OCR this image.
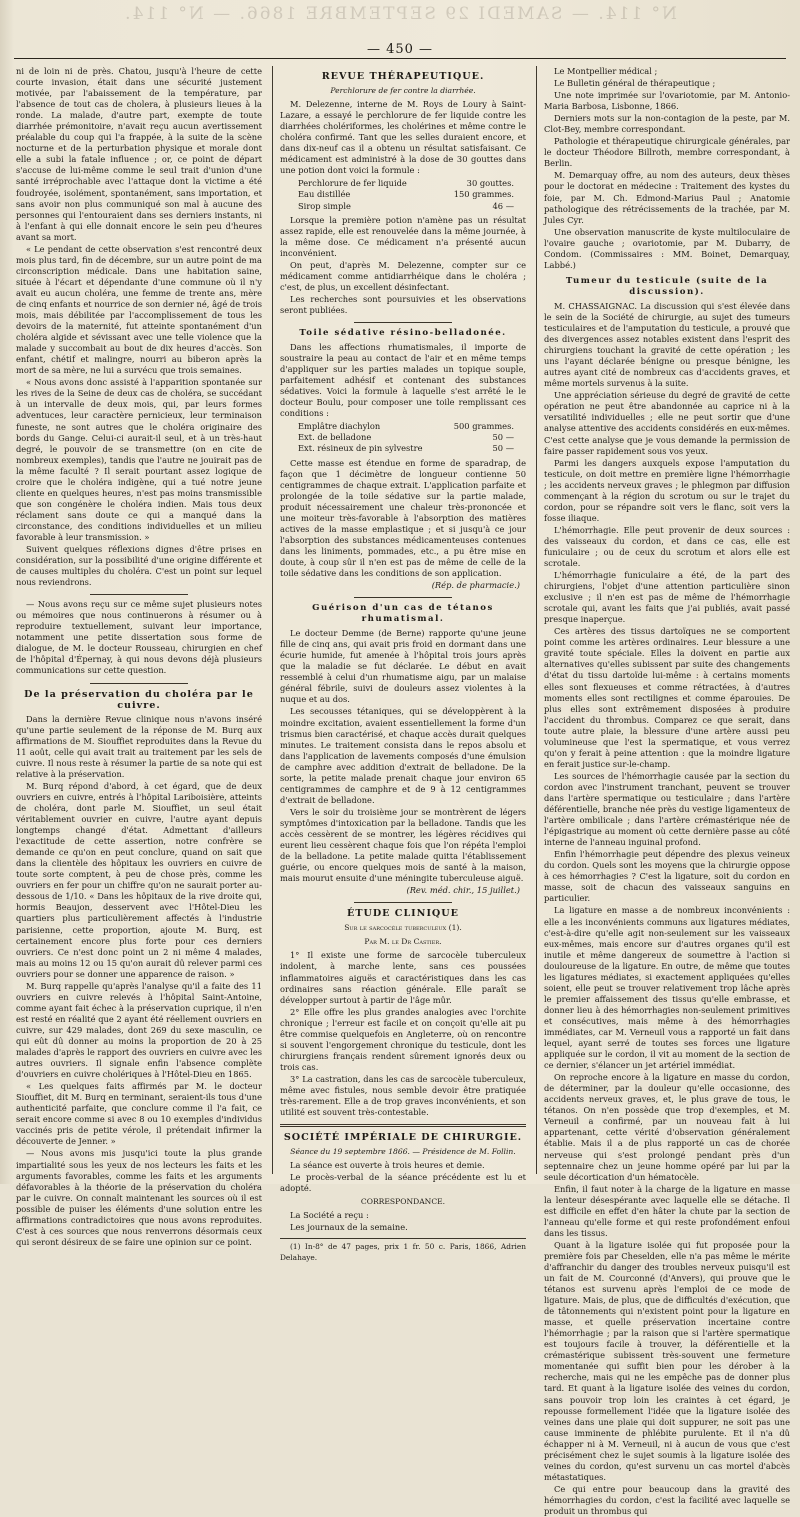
N° 114. — SAMEDI 29 SEPTEMBRE 1866. — N° 114.
— 450 —

ni de loin ni de près. Chatou, jusqu'à l'heure de cette courte invasion, était dans une sécurité justement motivée, par l'abaissement de la température, par l'absence de tout cas de cholera, à plusieurs lieues à la ronde. La malade, d'autre part, exempte de toute diarrhée prémonitoire, n'avait reçu aucun avertissement préalable du coup qui l'a frappée, à la suite de la scène nocturne et de la perturbation physique et morale dont elle a subi la fatale influence ; or, ce point de départ s'accuse de lui-même comme le seul trait d'union d'une santé irréprochable avec l'attaque dont la victime a été foudroyée, isolément, spontanément, sans importation, et sans avoir non plus communiqué son mal à aucune des personnes qui l'entouraient dans ses derniers instants, ni à l'enfant à qui elle donnait encore le sein peu d'heures avant sa mort.

« Le pendant de cette observation s'est rencontré deux mois plus tard, fin de décembre, sur un autre point de ma circonscription médicale. Dans une habitation saine, située à l'écart et dépendante d'une commune où il n'y avait eu aucun choléra, une femme de trente ans, mère de cinq enfants et nourrice de son dernier né, âgé de trois mois, mais débilitée par l'accomplissement de tous les devoirs de la maternité, fut atteinte spontanément d'un choléra algide et sévissant avec une telle violence que la malade y succombait au bout de dix heures d'accès. Son enfant, chétif et malingre, nourri au biberon après la mort de sa mère, ne lui a survécu que trois semaines.

« Nous avons donc assisté à l'apparition spontanée sur les rives de la Seine de deux cas de choléra, se succédant à un intervalle de deux mois, qui, par leurs formes adventuces, leur caractère pernicieux, leur terminaison funeste, ne sont autres que le choléra originaire des bords du Gange. Celui-ci aurait-il seul, et à un très-haut degré, le pouvoir de se transmettre (on en cite de nombreux exemples), tandis que l'autre ne jouirait pas de la même faculté ? Il serait pourtant assez logique de croire que le choléra indigène, qui a tué notre jeune cliente en quelques heures, n'est pas moins transmissible que son congénère le choléra indien. Mais tous deux réclament sans doute ce qui a manqué dans la circonstance, des conditions individuelles et un milieu favorable à leur transmission. »

Suivent quelques réflexions dignes d'être prises en considération, sur la possibilité d'une origine différente et de causes multiples du choléra. C'est un point sur lequel nous reviendrons.

— Nous avons reçu sur ce même sujet plusieurs notes ou mémoires que nous continuerons à résumer ou à reproduire textuellement, suivant leur importance, notamment une petite dissertation sous forme de dialogue, de M. le docteur Rousseau, chirurgien en chef de l'hôpital d'Épernay, à qui nous devons déjà plusieurs communications sur cette question.

De la préservation du choléra par le cuivre.

Dans la dernière Revue clinique nous n'avons inséré qu'une partie seulement de la réponse de M. Burq aux affirmations de M. Siouffiet reproduites dans la Revue du 11 août, celle qui avait trait au traitement par les sels de cuivre. Il nous reste à résumer la partie de sa note qui est relative à la préservation.

M. Burq répond d'abord, à cet égard, que de deux ouvriers en cuivre, entrés à l'hôpital Lariboisière, atteints de choléra, dont parle M. Siouffiet, un seul était véritablement ouvrier en cuivre, l'autre ayant depuis longtemps changé d'état. Admettant d'ailleurs l'exactitude de cette assertion, notre confrère se demande ce qu'on en peut conclure, quand on sait que dans la clientèle des hôpitaux les ouvriers en cuivre de toute sorte comptent, à peu de chose près, comme les ouvriers en fer pour un chiffre qu'on ne saurait porter au-dessous de 1/10. « Dans les hôpitaux de la rive droite qui, hormis Beaujon, desservent avec l'Hôtel-Dieu les quartiers plus particulièrement affectés à l'industrie parisienne, cette proportion, ajoute M. Burq, est certainement encore plus forte pour ces derniers ouvriers. Ce n'est donc point un 2 ni même 4 malades, mais au moins 12 ou 15 qu'on aurait dû relever parmi ces ouvriers pour se donner une apparence de raison. »

M. Burq rappelle qu'après l'analyse qu'il a faite des 11 ouvriers en cuivre relevés à l'hôpital Saint-Antoine, comme ayant fait échec à la préservation cuprique, il n'en est resté en réalité que 2 ayant été réellement ouvriers en cuivre, sur 429 malades, dont 269 du sexe masculin, ce qui eût dû donner au moins la proportion de 20 à 25 malades d'après le rapport des ouvriers en cuivre avec les autres ouvriers. Il signale enfin l'absence complète d'ouvriers en cuivre cholériques à l'Hôtel-Dieu en 1865.

« Les quelques faits affirmés par M. le docteur Siouffiet, dit M. Burq en terminant, seraient-ils tous d'une authenticité parfaite, que conclure comme il l'a fait, ce serait encore comme si avec 8 ou 10 exemples d'individus vaccinés pris de petite vérole, il prétendait infirmer la découverte de Jenner. »

— Nous avons mis jusqu'ici toute la plus grande impartialité sous les yeux de nos lecteurs les faits et les arguments favorables, comme les faits et les arguments défavorables à la théorie de la préservation du choléra par le cuivre. On connaît maintenant les sources où il est possible de puiser les éléments d'une solution entre les affirmations contradictoires que nous avons reproduites. C'est à ces sources que nous renverrons désormais ceux qui seront désireux de se faire une opinion sur ce point.

REVUE THÉRAPEUTIQUE.
Perchlorure de fer contre la diarrhée.

M. Delezenne, interne de M. Roys de Loury à Saint-Lazare, a essayé le perchlorure de fer liquide contre les diarrhées cholériformes, les cholérines et même contre le choléra confirmé. Tant que les selles duraient encore, et dans dix-neuf cas il a obtenu un résultat satisfaisant. Ce médicament est administré à la dose de 30 gouttes dans une potion dont voici la formule :

Perchlorure de fer liquide	30 gouttes.
Eau distillée	150 grammes.
Sirop simple	46 —

Lorsque la première potion n'amène pas un résultat assez rapide, elle est renouvelée dans la même journée, à la même dose. Ce médicament n'a présenté aucun inconvénient.

On peut, d'après M. Delezenne, compter sur ce médicament comme antidiarrhéique dans le choléra ; c'est, de plus, un excellent désinfectant.

Les recherches sont poursuivies et les observations seront publiées.

Toile sédative résino-belladonée.

Dans les affections rhumatismales, il importe de soustraire la peau au contact de l'air et en même temps d'appliquer sur les parties malades un topique souple, parfaitement adhésif et contenant des substances sédatives. Voici la formule à laquelle s'est arrêté le le docteur Boulu, pour composer une toile remplissant ces conditions :

Emplâtre diachylon	500 grammes.
Ext. de belladone	50 —
Ext. résineux de pin sylvestre	50 —

Cette masse est étendue en forme de sparadrap, de façon que 1 décimètre de longueur contienne 50 centigrammes de chaque extrait. L'application parfaite et prolongée de la toile sédative sur la partie malade, produit nécessairement une chaleur très-prononcée et une moiteur très-favorable à l'absorption des matières actives de la masse emplastique ; et si jusqu'à ce jour l'absorption des substances médicamenteuses contenues dans les liniments, pommades, etc., a pu être mise en doute, à coup sûr il n'en est pas de même de celle de la toile sédative dans les conditions de son application.

(Rép. de pharmacie.)
Guérison d'un cas de tétanos rhumatismal.

Le docteur Demme (de Berne) rapporte qu'une jeune fille de cinq ans, qui avait pris froid en dormant dans une écurie humide, fut amenée à l'hôpital trois jours après que la maladie se fut déclarée. Le début en avait ressemblé à celui d'un rhumatisme aigu, par un malaise général fébrile, suivi de douleurs assez violentes à la nuque et au dos.

Les secousses tétaniques, qui se développèrent à la moindre excitation, avaient essentiellement la forme d'un trismus bien caractérisé, et chaque accès durait quelques minutes. Le traitement consista dans le repos absolu et dans l'application de lavements composés d'une émulsion de camphre avec addition d'extrait de belladone. De la sorte, la petite malade prenait chaque jour environ 65 centigrammes de camphre et de 9 à 12 centigrammes d'extrait de belladone.

Vers le soir du troisième jour se montrèrent de légers symptômes d'intoxication par la belladone. Tandis que les accès cessèrent de se montrer, les légères récidives qui eurent lieu cessèrent chaque fois que l'on répéta l'emploi de la belladone. La petite malade quitta l'établissement guérie, ou encore quelques mois de santé à la maison, mais mourut ensuite d'une méningite tuberculeuse aiguë.

(Rev. méd. chir., 15 juillet.)
ÉTUDE CLINIQUE
Sur le sarcocèle tuberculeux (1).
Par M. le Dr Castier.

1° Il existe une forme de sarcocèle tuberculeux indolent, à marche lente, sans ces poussées inflammatoires aiguës et caractéristiques dans les cas ordinaires sans réaction générale. Elle paraît se développer surtout à partir de l'âge mûr.

2° Elle offre les plus grandes analogies avec l'orchite chronique ; l'erreur est facile et on conçoit qu'elle ait pu être commise quelquefois en Angleterre, où on rencontre si souvent l'engorgement chronique du testicule, dont les chirurgiens français rendent sûrement ignorés deux ou trois cas.

3° La castration, dans les cas de sarcocèle tuberculeux, même avec fistules, nous semble devoir être pratiquée très-rarement. Elle a de trop graves inconvénients, et son utilité est souvent très-contestable.

SOCIÉTÉ IMPÉRIALE DE CHIRURGIE.
Séance du 19 septembre 1866. — Présidence de M. Follin.

La séance est ouverte à trois heures et demie.

Le procès-verbal de la séance précédente est lu et adopté.

CORRESPONDANCE.

La Société a reçu :

Les journaux de la semaine.

(1) In-8° de 47 pages, prix 1 fr. 50 c. Paris, 1866, Adrien Delahaye.

Le Montpellier médical ;

Le Bulletin général de thérapeutique ;

Une note imprimée sur l'ovariotomie, par M. Antonio-Maria Barbosa, Lisbonne, 1866.

Derniers mots sur la non-contagion de la peste, par M. Clot-Bey, membre correspondant.

Pathologie et thérapeutique chirurgicale générales, par le docteur Théodore Billroth, membre correspondant, à Berlin.

M. Demarquay offre, au nom des auteurs, deux thèses pour le doctorat en médecine : Traitement des kystes du foie, par M. Ch. Edmond-Marius Paul ; Anatomie pathologique des rétrécissements de la trachée, par M. Jules Cyr.

Une observation manuscrite de kyste multiloculaire de l'ovaire gauche ; ovariotomie, par M. Dubarry, de Condom. (Commissaires : MM. Boinet, Demarquay, Labbé.)

Tumeur du testicule (suite de la discussion).

M. CHASSAIGNAC. La discussion qui s'est élevée dans le sein de la Société de chirurgie, au sujet des tumeurs testiculaires et de l'amputation du testicule, a prouvé que des divergences assez notables existent dans l'esprit des chirurgiens touchant la gravité de cette opération ; les uns l'ayant déclarée bénigne ou presque bénigne, les autres ayant cité de nombreux cas d'accidents graves, et même mortels survenus à la suite.

Une appréciation sérieuse du degré de gravité de cette opération ne peut être abandonnée au caprice ni à la versatilité individuelles ; elle ne peut sortir que d'une analyse attentive des accidents considérés en eux-mêmes. C'est cette analyse que je vous demande la permission de faire passer rapidement sous vos yeux.

Parmi les dangers auxquels expose l'amputation du testicule, on doit mettre en première ligne l'hémorrhagie ; les accidents nerveux graves ; le phlegmon par diffusion commençant à la région du scrotum ou sur le trajet du cordon, pour se répandre soit vers le flanc, soit vers la fosse iliaque.

L'hémorrhagie. Elle peut provenir de deux sources : des vaisseaux du cordon, et dans ce cas, elle est funiculaire ; ou de ceux du scrotum et alors elle est scrotale.

L'hémorrhagie funiculaire a été, de la part des chirurgiens, l'objet d'une attention particulière sinon exclusive ; il n'en est pas de même de l'hémorrhagie scrotale qui, avant les faits que j'ai publiés, avait passé presque inaperçue.

Ces artères des tissus dartoïques ne se comportent point comme les artères ordinaires. Leur blessure a une gravité toute spéciale. Elles la doivent en partie aux alternatives qu'elles subissent par suite des changements d'état du tissu dartoïde lui-même : à certains moments elles sont flexueuses et comme rétractées, à d'autres moments elles sont rectilignes et comme éparouies. De plus elles sont extrêmement disposées à produire l'accident du thrombus. Comparez ce que serait, dans toute autre plaie, la blessure d'une artère aussi peu volumineuse que l'est la spermatique, et vous verrez qu'on y ferait à peine attention : que la moindre ligature en ferait justice sur-le-champ.

Les sources de l'hémorrhagie causée par la section du cordon avec l'instrument tranchant, peuvent se trouver dans l'artère spermatique ou testiculaire ; dans l'artère déférentielle, branche née près du vestige ligamenteux de l'artère ombilicale ; dans l'artère crémastérique née de l'épigastrique au moment où cette dernière passe au côté interne de l'anneau inguinal profond.

Enfin l'hémorrhagie peut dépendre des plexus veineux du cordon. Quels sont les moyens que la chirurgie oppose à ces hémorrhagies ? C'est la ligature, soit du cordon en masse, soit de chacun des vaisseaux sanguins en particulier.

La ligature en masse a de nombreux inconvénients : elle a les inconvénients communs aux ligatures médiates, c'est-à-dire qu'elle agit non-seulement sur les vaisseaux eux-mêmes, mais encore sur d'autres organes qu'il est inutile et même dangereux de soumettre à l'action si douloureuse de la ligature. En outre, de même que toutes les ligatures médiates, si exactement appliquées qu'elles soient, elle peut se trouver relativement trop lâche après le premier affaissement des tissus qu'elle embrasse, et donner lieu à des hémorrhagies non-seulement primitives et consécutives, mais même à des hémorrhagies immédiates, car M. Verneuil vous a rapporté un fait dans lequel, ayant serré de toutes ses forces une ligature appliquée sur le cordon, il vit au moment de la section de ce dernier, s'élancer un jet artériel immédiat.

On reproche encore à la ligature en masse du cordon, de déterminer, par la douleur qu'elle occasionne, des accidents nerveux graves, et, le plus grave de tous, le tétanos. On n'en possède que trop d'exemples, et M. Verneuil a confirmé, par un nouveau fait à lui appartenant, cette vérité d'observation généralement établie. Mais il a de plus rapporté un cas de chorée nerveuse qui s'est prolongé pendant près d'un septennaire chez un jeune homme opéré par lui par la seule décortication d'un hématocèle.

Enfin, il faut noter à la charge de la ligature en masse la lenteur désespérante avec laquelle elle se détache. Il est difficile en effet d'en hâter la chute par la section de l'anneau qu'elle forme et qui reste profondément enfoui dans les tissus.

Quant à la ligature isolée qui fut proposée pour la première fois par Cheselden, elle n'a pas même le mérite d'affranchir du danger des troubles nerveux puisqu'il est un fait de M. Courconné (d'Anvers), qui prouve que le tétanos est survenu après l'emploi de ce mode de ligature. Mais, de plus, que de difficultés d'exécution, que de tâtonnements qui n'existent point pour la ligature en masse, et quelle préservation incertaine contre l'hémorrhagie ; par la raison que si l'artère spermatique est toujours facile à trouver, la déférentielle et la crémastérique subissent très-souvent une fermeture momentanée qui suffit bien pour les dérober à la recherche, mais qui ne les empêche pas de donner plus tard. Et quant à la ligature isolée des veines du cordon, sans pouvoir trop loin les craintes à cet égard, je repousse formellement l'idée que la ligature isolée des veines dans une plaie qui doit suppurer, ne soit pas une cause imminente de phlébite purulente. Et il n'a dû échapper ni à M. Verneuil, ni à aucun de vous que c'est précisément chez le sujet soumis à la ligature isolée des veines du cordon, qu'est survenu un cas mortel d'abcès métastatiques.

Ce qui entre pour beaucoup dans la gravité des hémorrhagies du cordon, c'est la facilité avec laquelle se produit un thrombus qui
